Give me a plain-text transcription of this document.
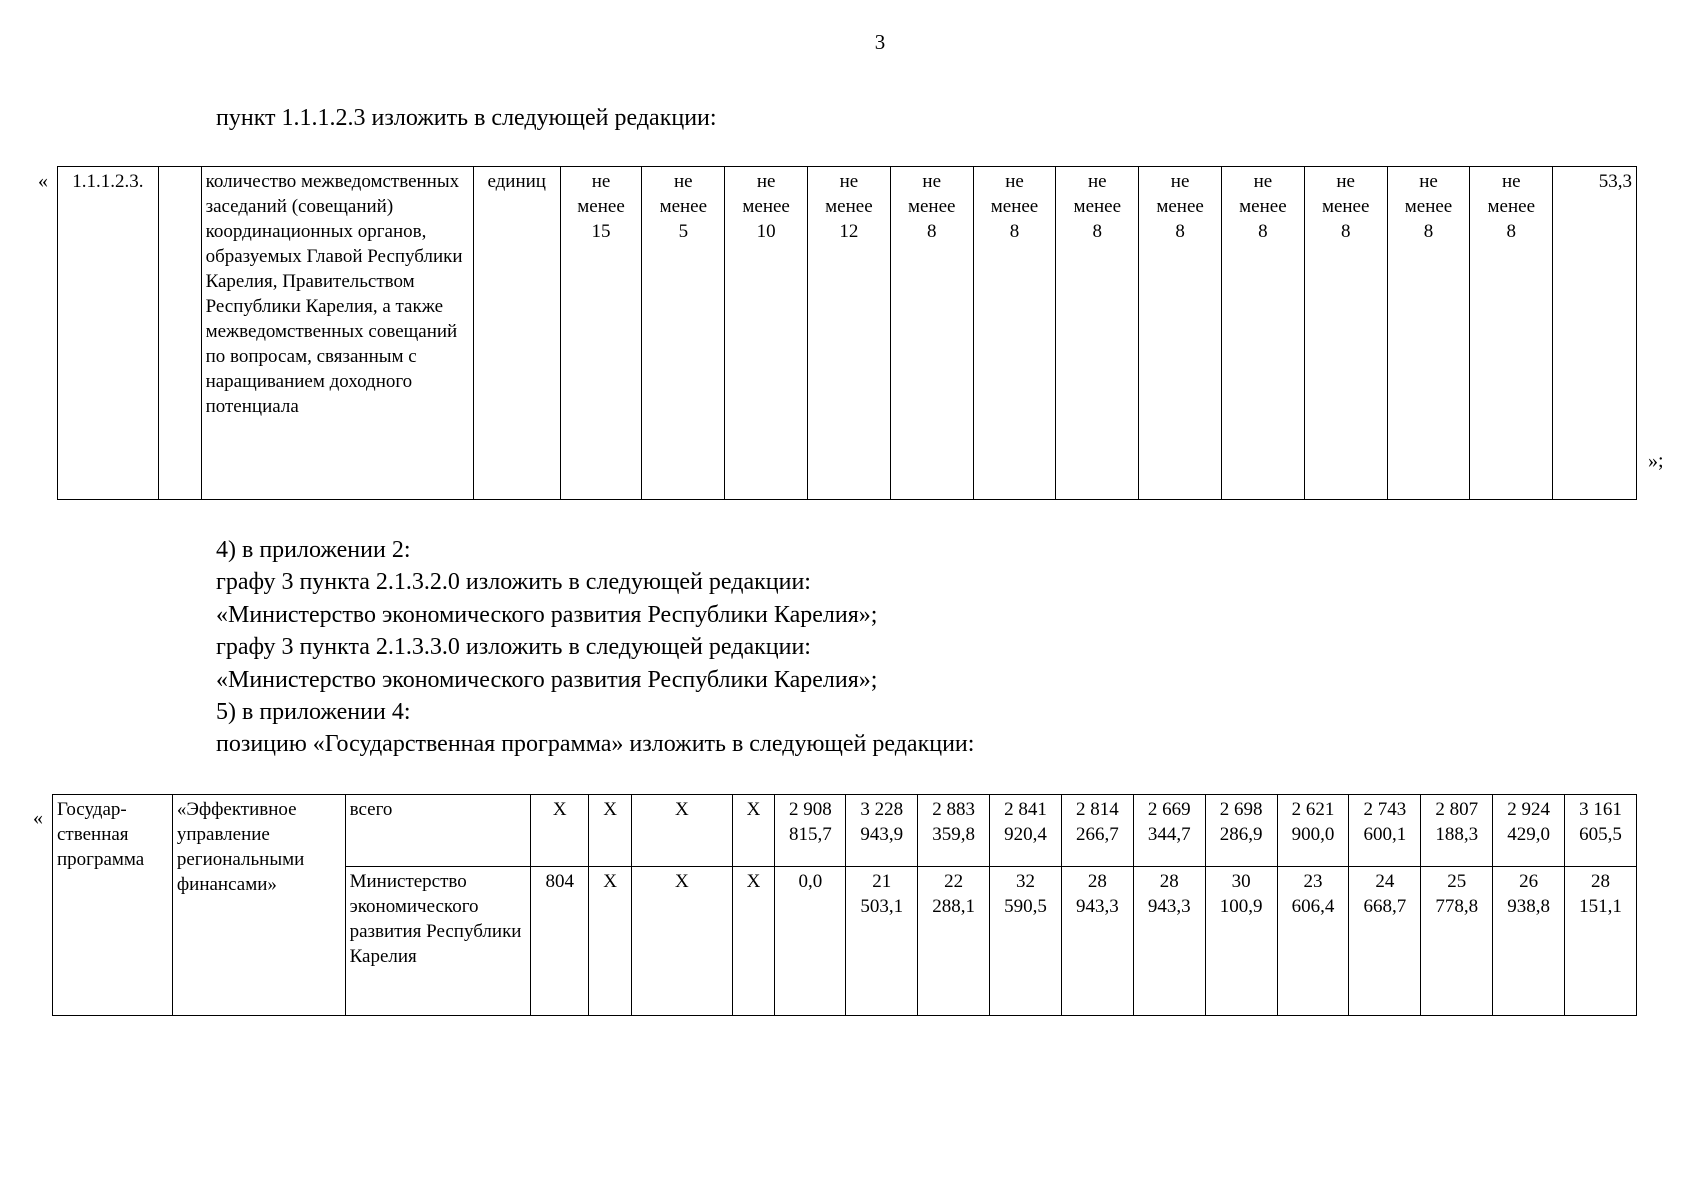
3
пункт 1.1.1.2.3 изложить в следующей редакции:
« 1.1.1.2.3.		количество межведомственных заседаний (совещаний) координационных органов, образуемых Главой Республики Карелия, Правительством Республики Карелия, а также межведомственных совещаний по вопросам, связанным с наращиванием доходного потенциала	единиц	не
менее
15	не
менее
5	не
менее
10	не
менее
12	не
менее
8	не
менее
8	не
менее
8	не
менее
8	не
менее
8	не
менее
8	не
менее
8	не
менее
8	53,3
»;
4) в приложении 2:
графу 3 пункта 2.1.3.2.0 изложить в следующей редакции:
«Министерство экономического развития Республики Карелия»;
графу 3 пункта 2.1.3.3.0 изложить в следующей редакции:
«Министерство экономического развития Республики Карелия»;
5) в приложении 4:
позицию «Государственная программа» изложить в следующей редакции:
« Государ- ственная программа	«Эффективное управление региональными финансами»	всего	Х	Х	Х	Х	2 908
815,7	3 228
943,9	2 883
359,8	2 841
920,4	2 814
266,7	2 669
344,7	2 698
286,9	2 621
900,0	2 743
600,1	2 807
188,3	2 924
429,0	3 161
605,5
		Министерство экономического развития Республики Карелия	804	Х	Х	Х	0,0	21
503,1	22
288,1	32
590,5	28
943,3	28
943,3	30
100,9	23
606,4	24
668,7	25
778,8	26
938,8	28
151,1
